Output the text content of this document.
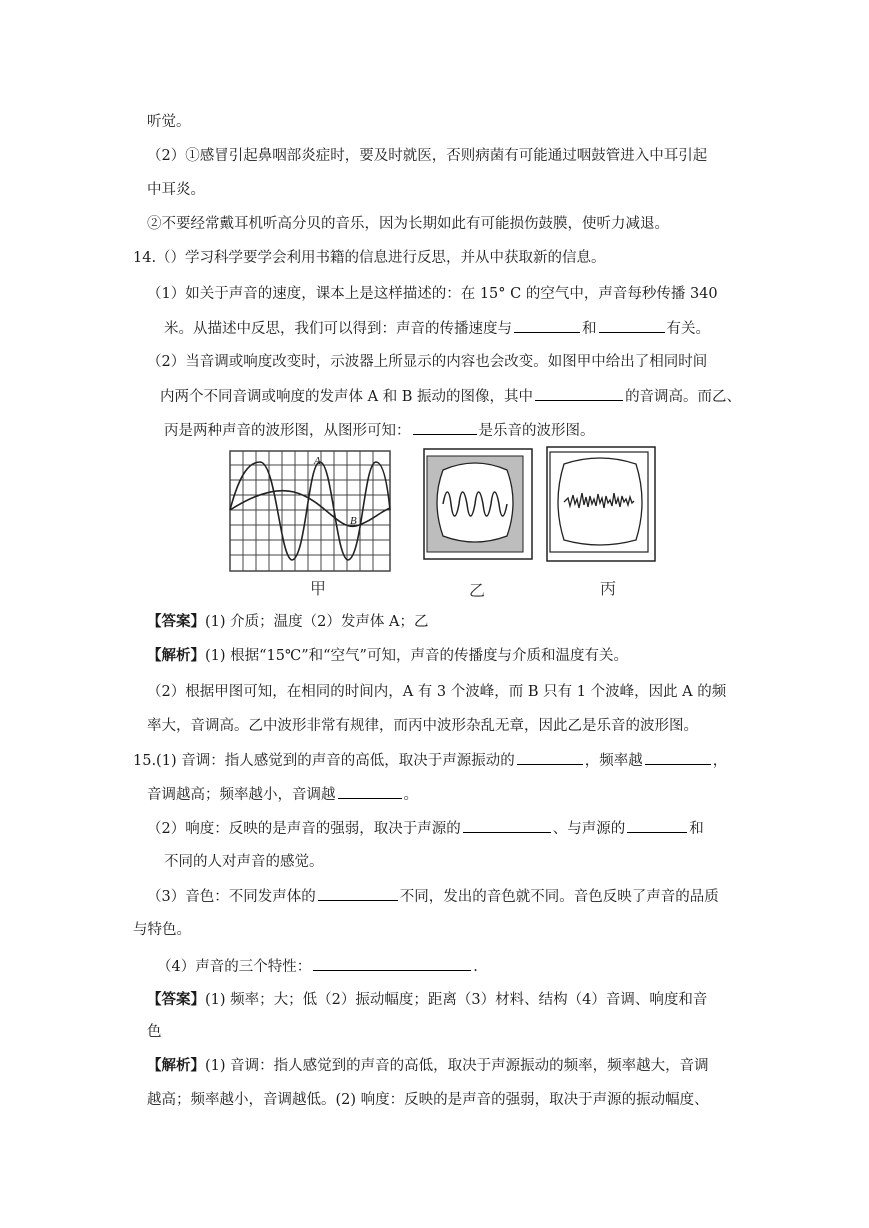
听觉。
（2）①感冒引起鼻咽部炎症时，要及时就医，否则病菌有可能通过咽鼓管进入中耳引起
中耳炎。
②不要经常戴耳机听高分贝的音乐，因为长期如此有可能损伤鼓膜，使听力减退。
14.（）学习科学要学会利用书籍的信息进行反思，并从中获取新的信息。
（1）如关于声音的速度，课本上是这样描述的：在 15° C 的空气中，声音每秒传播 340
米。从描述中反思，我们可以得到：声音的传播速度与	和	有关。
（2）当音调或响度改变时，示波器上所显示的内容也会改变。如图甲中给出了相同时间
内两个不同音调或响度的发声体 A 和 B 振动的图像，其中	的音调高。而乙、
丙是两种声音的波形图，从图形可知：	是乐音的波形图。
A
B
甲	乙	丙
【答案】(1) 介质；温度（2）发声体 A；乙
【解析】(1) 根据“15℃”和“空气”可知，声音的传播度与介质和温度有关。
（2）根据甲图可知，在相同的时间内，A 有 3 个波峰，而 B 只有 1 个波峰，因此 A 的频
率大，音调高。乙中波形非常有规律，而丙中波形杂乱无章，因此乙是乐音的波形图。
15.(1) 音调：指人感觉到的声音的高低，取决于声源振动的	，频率越	，
音调越高；频率越小，音调越	。
（2）响度：反映的是声音的强弱，取决于声源的	、与声源的	和
不同的人对声音的感觉。
（3）音色：不同发声体的	不同，发出的音色就不同。音色反映了声音的品质
与特色。
（4）声音的三个特性：	.
【答案】(1) 频率；大；低（2）振动幅度；距离（3）材料、结构（4）音调、响度和音
色
【解析】(1) 音调：指人感觉到的声音的高低，取决于声源振动的频率，频率越大，音调
越高；频率越小，音调越低。(2) 响度：反映的是声音的强弱，取决于声源的振动幅度、
